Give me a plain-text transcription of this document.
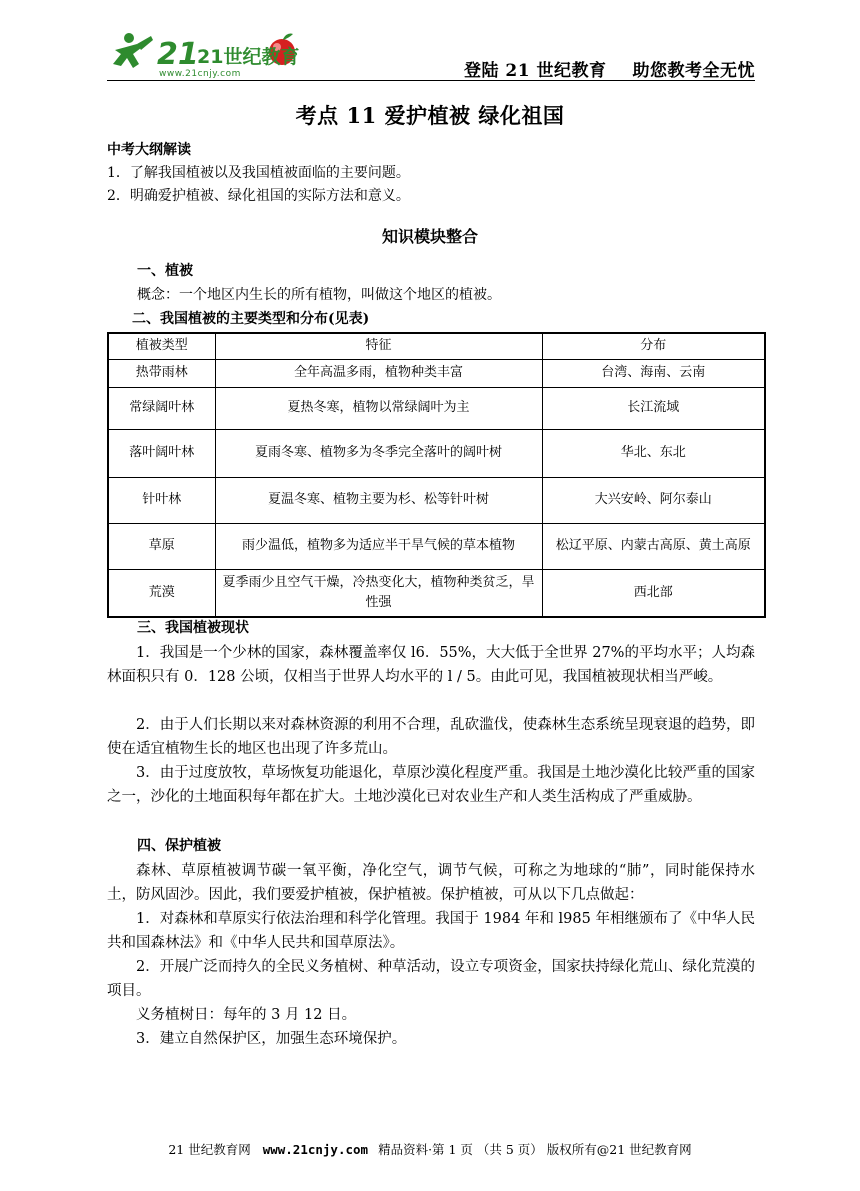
21
21世纪教育
www.21cnjy.com	登陆 21 世纪教育 助您教考全无忧
考点 11 爱护植被 绿化祖国
中考大纲解读
1．了解我国植被以及我国植被面临的主要问题。
2．明确爱护植被、绿化祖国的实际方法和意义。
知识模块整合
一、植被
概念：一个地区内生长的所有植物，叫做这个地区的植被。
二、我国植被的主要类型和分布(见表)
植被类型	特征	分布
热带雨林	全年高温多雨，植物种类丰富	台湾、海南、云南
常绿阔叶林	夏热冬寒，植物以常绿阔叶为主	长江流域
落叶阔叶林	夏雨冬寒、植物多为冬季完全落叶的阔叶树	华北、东北
针叶林	夏温冬寒、植物主要为杉、松等针叶树	大兴安岭、阿尔泰山
草原	雨少温低，植物多为适应半干旱气候的草本植物	松辽平原、内蒙古高原、黄土高原
荒漠	夏季雨少且空气干燥，冷热变化大，植物种类贫乏，旱性强	西北部
三、我国植被现状
1．我国是一个少林的国家，森林覆盖率仅 l6．55%，大大低于全世界 27%的平均水平；人均森林面积只有 0．128 公顷，仅相当于世界人均水平的 l / 5。由此可见，我国植被现状相当严峻。
2．由于人们长期以来对森林资源的利用不合理，乱砍滥伐，使森林生态系统呈现衰退的趋势，即使在适宜植物生长的地区也出现了许多荒山。
3．由于过度放牧，草场恢复功能退化，草原沙漠化程度严重。我国是土地沙漠化比较严重的国家之一，沙化的土地面积每年都在扩大。土地沙漠化已对农业生产和人类生活构成了严重威胁。
四、保护植被
森林、草原植被调节碳一氧平衡，净化空气，调节气候，可称之为地球的“肺”，同时能保持水土，防风固沙。因此，我们要爱护植被，保护植被。保护植被，可从以下几点做起：
1．对森林和草原实行依法治理和科学化管理。我国于 1984 年和 l985 年相继颁布了《中华人民共和国森林法》和《中华人民共和国草原法》。
2．开展广泛而持久的全民义务植树、种草活动，设立专项资金，国家扶持绿化荒山、绿化荒漠的项目。
义务植树日：每年的 3 月 12 日。
3．建立自然保护区，加强生态环境保护。
21 世纪教育网 www.21cnjy.com 精品资料·第 1 页 （共 5 页） 版权所有@21 世纪教育网
